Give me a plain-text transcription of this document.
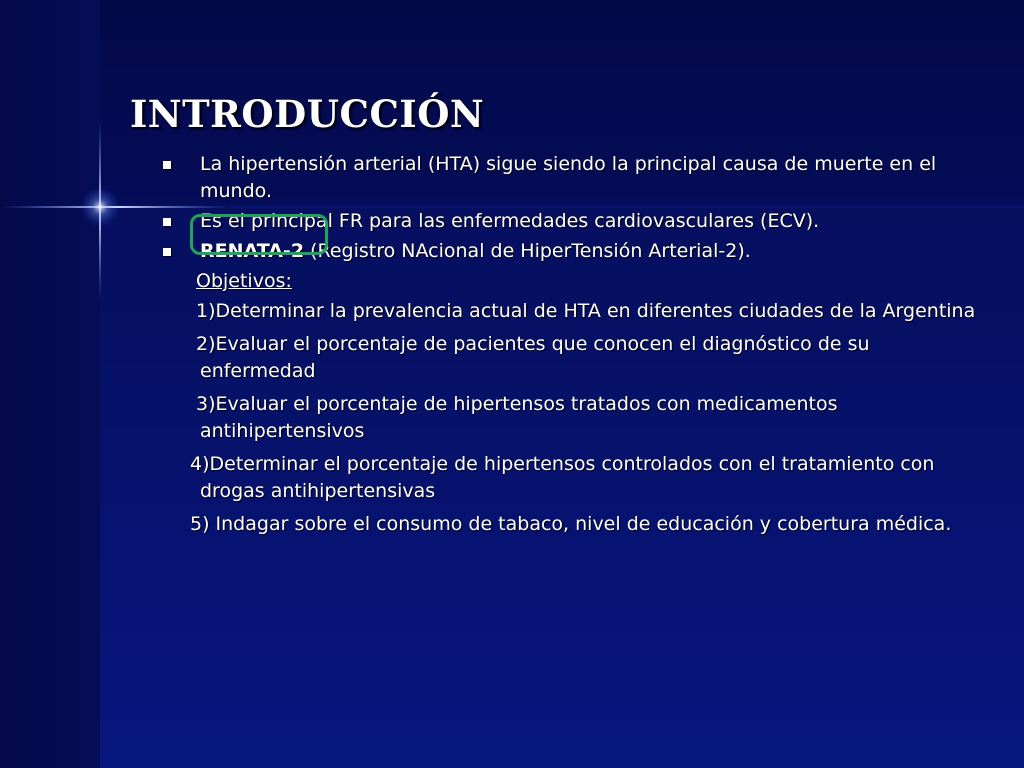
INTRODUCCIÓN
La hipertensión arterial (HTA) sigue siendo la principal causa de muerte en el mundo.
Es el principal FR para las enfermedades cardiovasculares (ECV).
RENATA-2 (Registro NAcional de HiperTensión Arterial-2).
Objetivos:
1)Determinar la prevalencia actual de HTA en diferentes ciudades de la Argentina
2)Evaluar el porcentaje de pacientes que conocen el diagnóstico de su enfermedad
3)Evaluar el porcentaje de hipertensos tratados con medicamentos antihipertensivos
4)Determinar el porcentaje de hipertensos controlados con el tratamiento con drogas antihipertensivas
5) Indagar sobre el consumo de tabaco, nivel de educación y cobertura médica.
